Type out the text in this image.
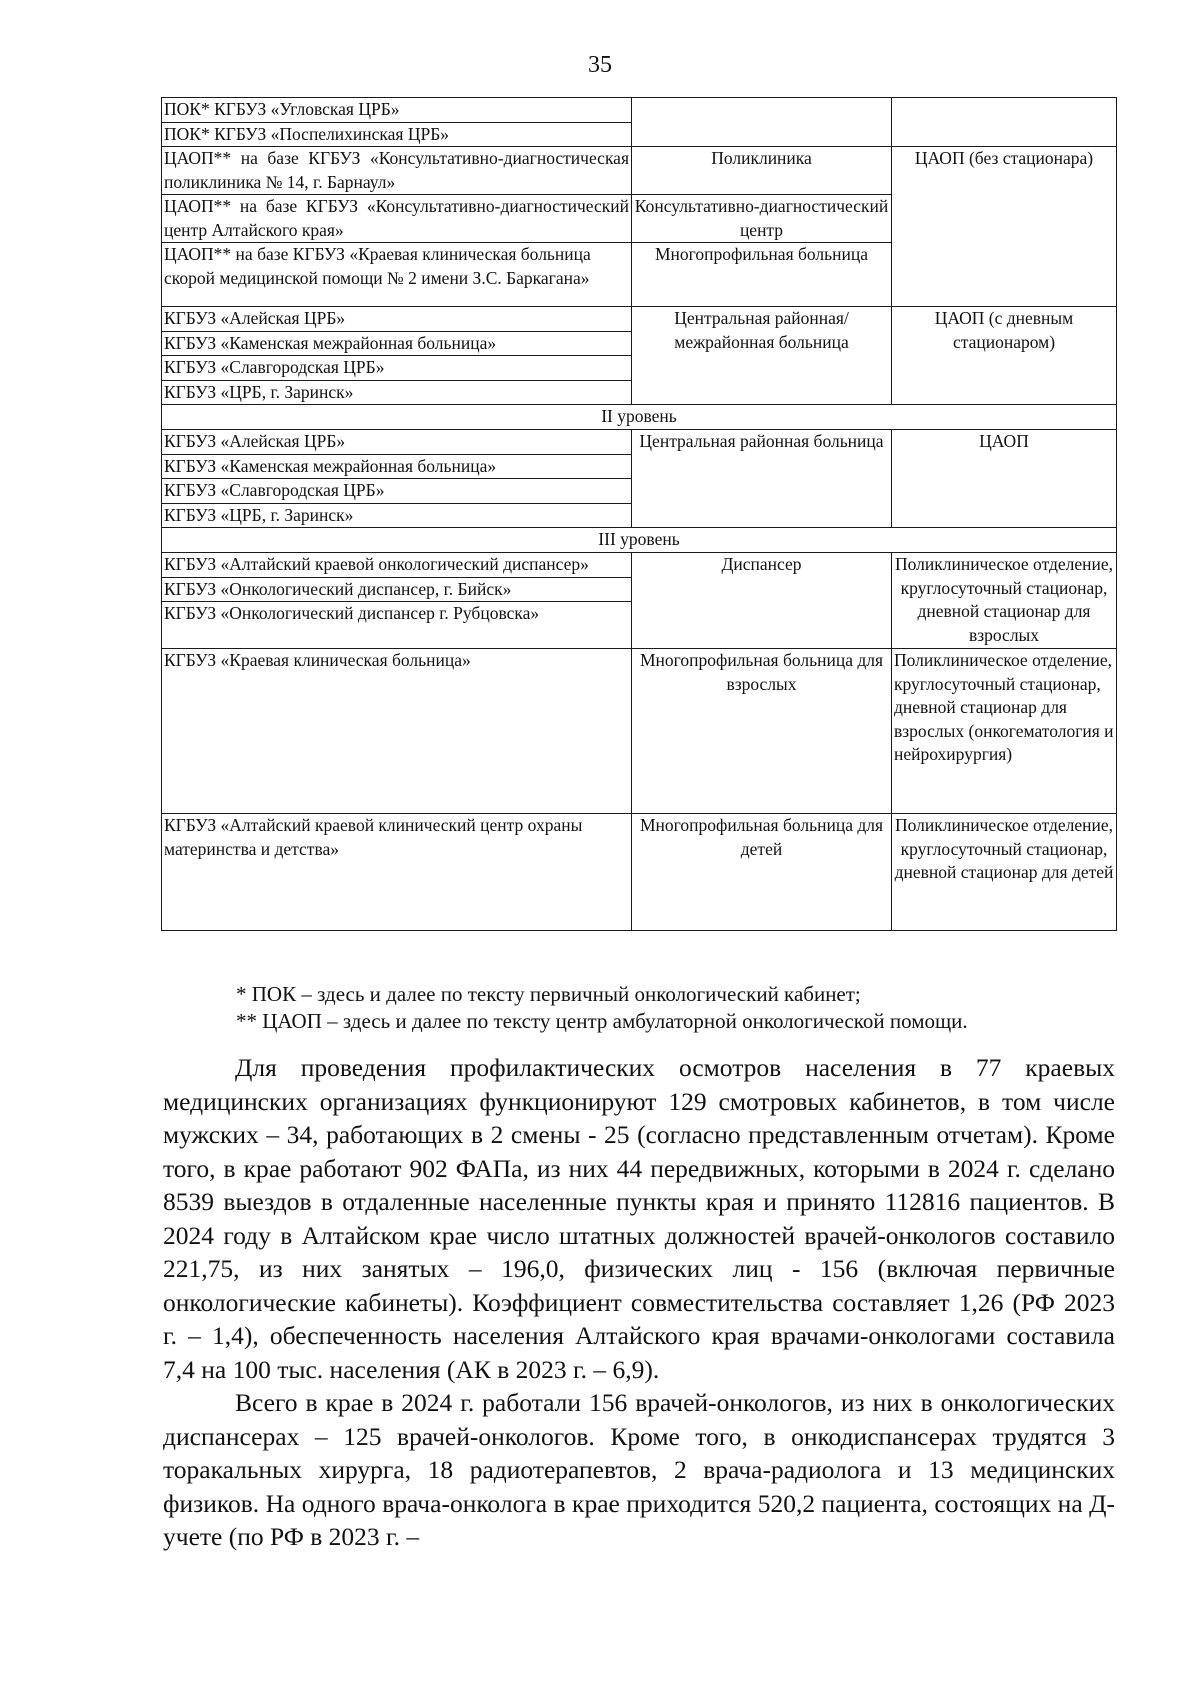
35
ПОК* КГБУЗ «Угловская ЦРБ»		
ПОК* КГБУЗ «Поспелихинская ЦРБ»		
ЦАОП** на базе КГБУЗ «Консультативно-диагностическая поликлиника № 14, г. Барнаул»	Поликлиника	ЦАОП (без стационара)
ЦАОП** на базе КГБУЗ «Консультативно-диагностический центр Алтайского края»	Консультативно-диагностический центр	
ЦАОП** на базе КГБУЗ «Краевая клиническая больница скорой медицинской помощи № 2 имени З.С. Баркагана»	Многопрофильная больница	
КГБУЗ «Алейская ЦРБ»	Центральная районная/межрайонная больница	ЦАОП (с дневным стационаром)
КГБУЗ «Каменская межрайонная больница»		
КГБУЗ «Славгородская ЦРБ»		
КГБУЗ «ЦРБ, г. Заринск»		
II уровень		
КГБУЗ «Алейская ЦРБ»	Центральная районная больница	ЦАОП
КГБУЗ «Каменская межрайонная больница»		
КГБУЗ «Славгородская ЦРБ»		
КГБУЗ «ЦРБ, г. Заринск»		
III уровень		
КГБУЗ «Алтайский краевой онкологический диспансер»	Диспансер	Поликлиническое отделение, круглосуточный стационар, дневной стационар для взрослых
КГБУЗ «Онкологический диспансер, г. Бийск»		
КГБУЗ «Онкологический диспансер г. Рубцовска»		
КГБУЗ «Краевая клиническая больница»	Многопрофильная больница для взрослых	Поликлиническое отделение, круглосуточный стационар, дневной стационар для взрослых (онкогематология и нейрохирургия)
КГБУЗ «Алтайский краевой клинический центр охраны материнства и детства»	Многопрофильная больница для детей	Поликлиническое отделение, круглосуточный стационар, дневной стационар для детей
* ПОК – здесь и далее по тексту первичный онкологический кабинет;
** ЦАОП – здесь и далее по тексту центр амбулаторной онкологической помощи.

Для проведения профилактических осмотров населения в 77 краевых медицинских организациях функционируют 129 смотровых кабинетов, в том числе мужских – 34, работающих в 2 смены - 25 (согласно представленным отчетам). Кроме того, в крае работают 902 ФАПа, из них 44 передвижных, которыми в 2024 г. сделано 8539 выездов в отдаленные населенные пункты края и принято 112816 пациентов. В 2024 году в Алтайском крае число штатных должностей врачей-онкологов составило 221,75, из них занятых – 196,0, физических лиц - 156 (включая первичные онкологические кабинеты). Коэффициент совместительства составляет 1,26 (РФ 2023 г. – 1,4), обеспеченность населения Алтайского края врачами-онкологами составила 7,4 на 100 тыс. населения (АК в 2023 г. – 6,9).

Всего в крае в 2024 г. работали 156 врачей-онкологов, из них в онкологических диспансерах – 125 врачей-онкологов. Кроме того, в онкодиспансерах трудятся 3 торакальных хирурга, 18 радиотерапевтов, 2 врача-радиолога и 13 медицинских физиков. На одного врача-онколога в крае приходится 520,2 пациента, состоящих на Д-учете (по РФ в 2023 г. –
